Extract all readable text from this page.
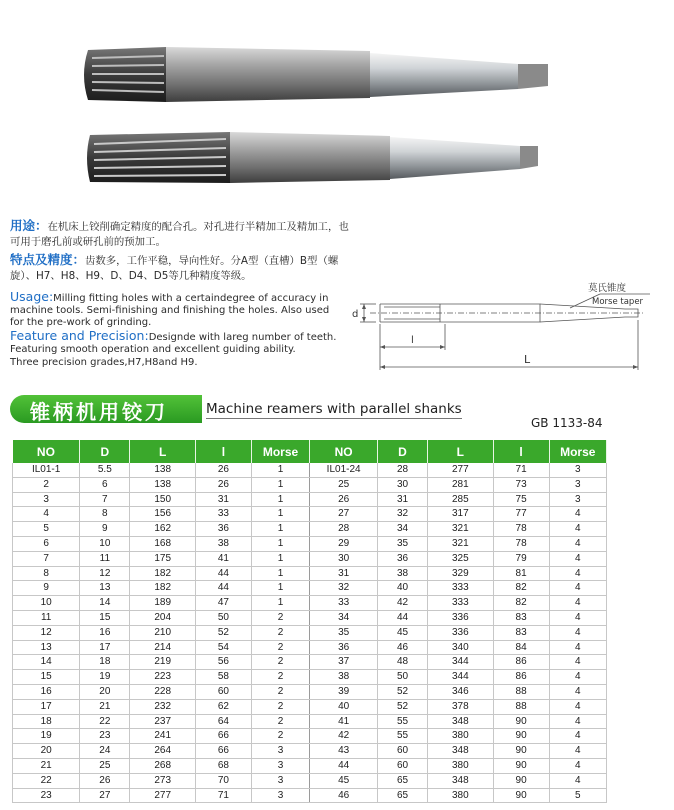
用途：在机床上铰削确定精度的配合孔。对孔进行半精加工及精加工，也可用于磨孔前或研孔前的预加工。
特点及精度：齿数多，工作平稳，导向性好。分A型（直槽）B型（螺旋）、H7、H8、H9、D、D4、D5等几种精度等级。
Usage:Milling fitting holes with a certaindegree of accuracy in machine tools. Semi-finishing and finishing the holes. Also used for the pre-work of grinding.
Feature and Precision:Designde with lareg number of teeth. Featuring smooth operation and excellent guiding ability.
Three precision grades,H7,H8and H9.
d
l
L
莫氏锥度
Morse taper
锥柄机用铰刀	Machine reamers with parallel shanks
GB 1133-84
NO	D	L	l	Morse	NO	D	L	l	Morse
IL01-1	5.5	138	26	1	IL01-24	28	277	71	3
2	6	138	26	1	25	30	281	73	3
3	7	150	31	1	26	31	285	75	3
4	8	156	33	1	27	32	317	77	4
5	9	162	36	1	28	34	321	78	4
6	10	168	38	1	29	35	321	78	4
7	11	175	41	1	30	36	325	79	4
8	12	182	44	1	31	38	329	81	4
9	13	182	44	1	32	40	333	82	4
10	14	189	47	1	33	42	333	82	4
11	15	204	50	2	34	44	336	83	4
12	16	210	52	2	35	45	336	83	4
13	17	214	54	2	36	46	340	84	4
14	18	219	56	2	37	48	344	86	4
15	19	223	58	2	38	50	344	86	4
16	20	228	60	2	39	52	346	88	4
17	21	232	62	2	40	52	378	88	4
18	22	237	64	2	41	55	348	90	4
19	23	241	66	2	42	55	380	90	4
20	24	264	66	3	43	60	348	90	4
21	25	268	68	3	44	60	380	90	4
22	26	273	70	3	45	65	348	90	4
23	27	277	71	3	46	65	380	90	5
